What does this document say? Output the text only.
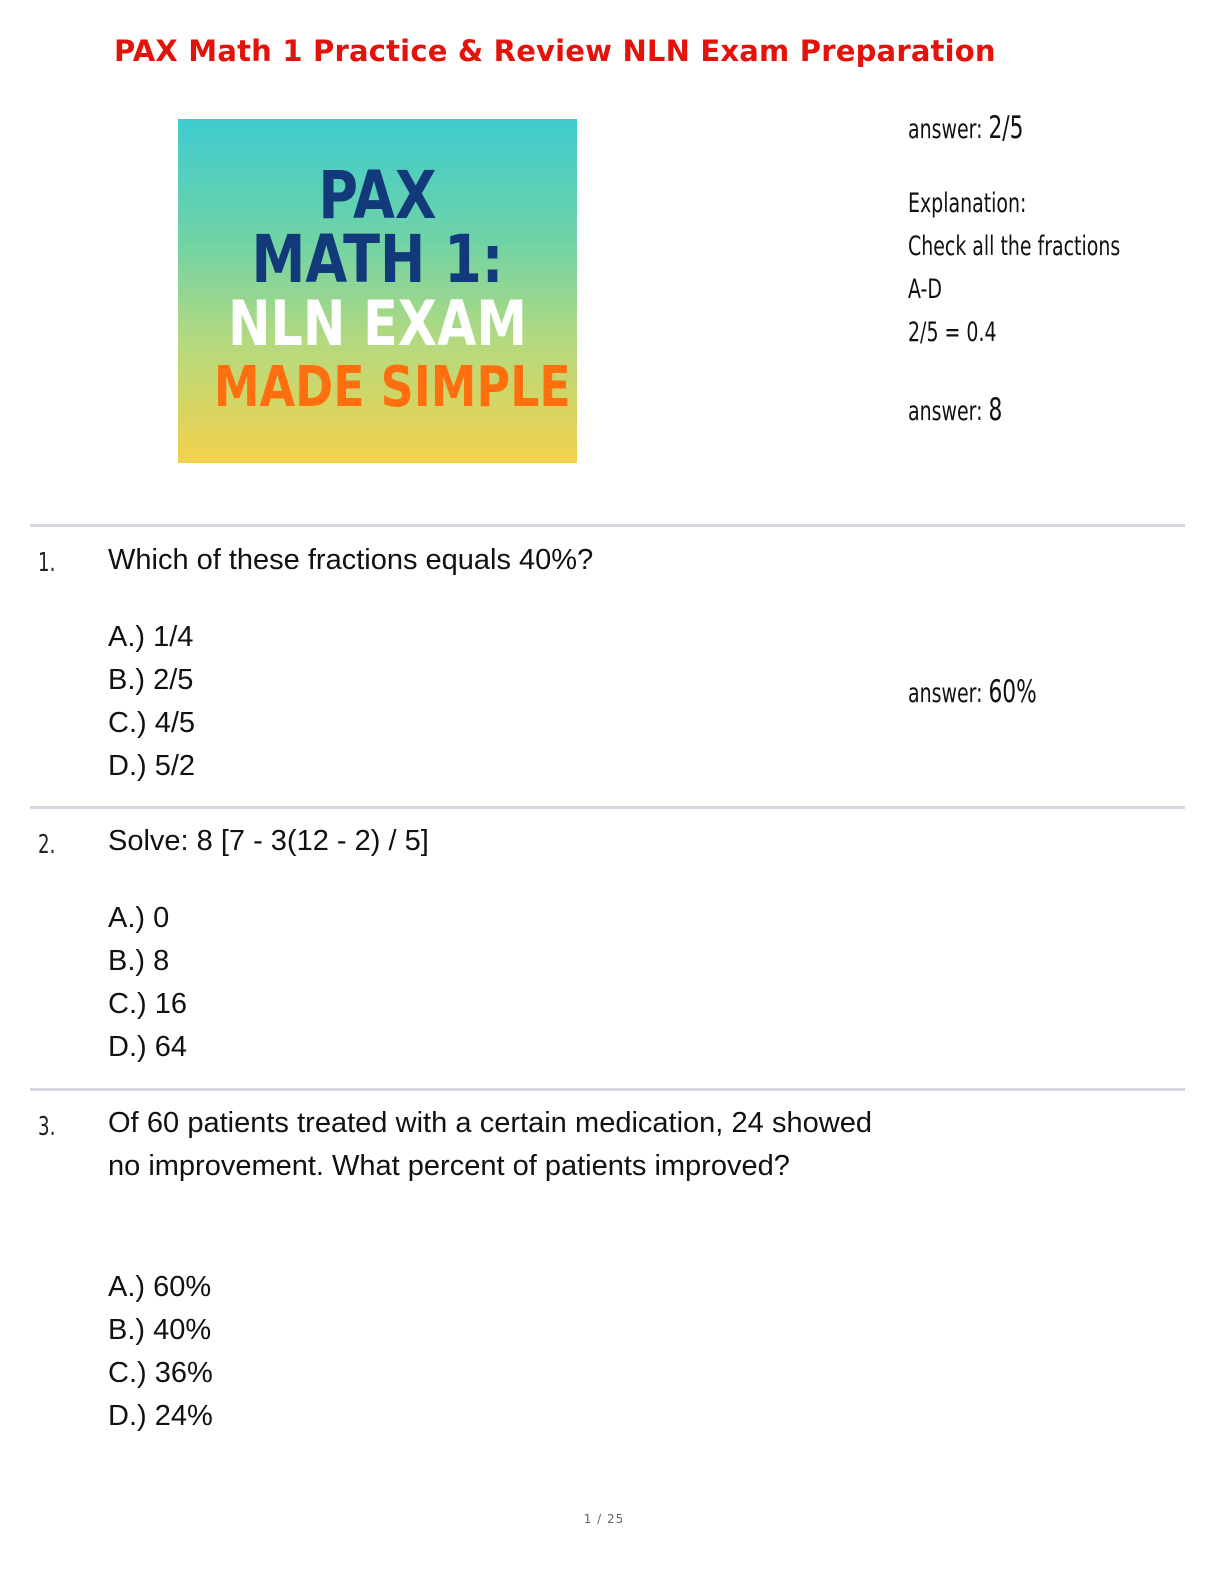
PAX Math 1 Practice & Review NLN Exam Preparation
PAX
MATH 1:
NLN EXAM
MADE SIMPLE
answer: 2/5
Explanation:
Check all the fractions
A-D
2/5 = 0.4
answer: 8
answer: 60%
1. Which of these fractions equals 40%?
A.) 1/4
B.) 2/5
C.) 4/5
D.) 5/2
2. Solve: 8 [7 - 3(12 - 2) / 5]
A.) 0
B.) 8
C.) 16
D.) 64
3. Of 60 patients treated with a certain medication, 24 showed no improvement. What percent of patients improved?
A.) 60%
B.) 40%
C.) 36%
D.) 24%
1 / 25
